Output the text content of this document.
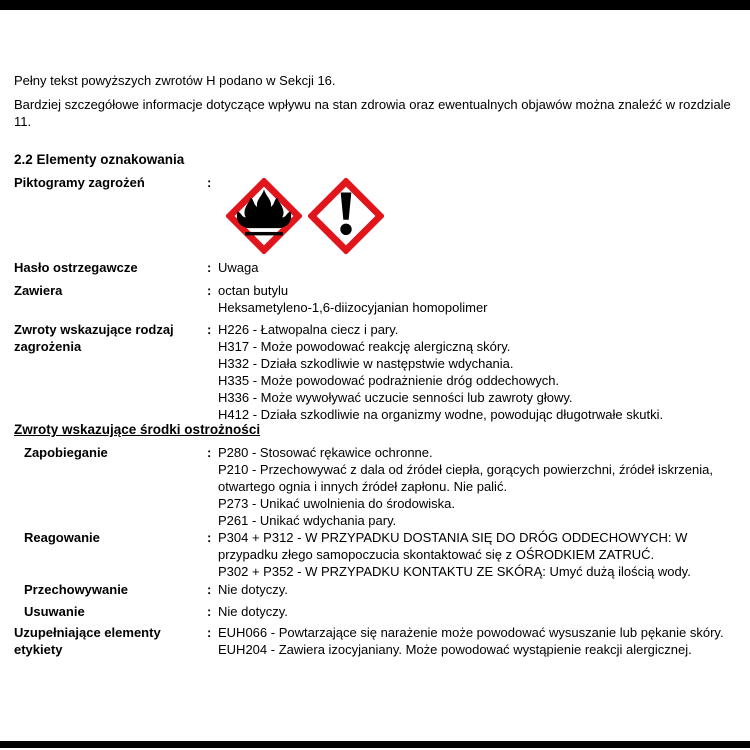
Pełny tekst powyższych zwrotów H podano w Sekcji 16.
Bardziej szczegółowe informacje dotyczące wpływu na stan zdrowia oraz ewentualnych objawów można znaleźć w rozdziale 11.
2.2 Elementy oznakowania
Piktogramy zagrożeń	:
Hasło ostrzegawcze	: Uwaga
Zawiera	: octan butylu
Heksametyleno-1,6-diizocyjanian homopolimer
Zwroty wskazujące rodzaj zagrożenia
: H226 - Łatwopalna ciecz i pary.
H317 - Może powodować reakcję alergiczną skóry.
H332 - Działa szkodliwie w następstwie wdychania.
H335 - Może powodować podrażnienie dróg oddechowych.
H336 - Może wywoływać uczucie senności lub zawroty głowy.
H412 - Działa szkodliwie na organizmy wodne, powodując długotrwałe skutki.
Zwroty wskazujące środki ostrożności
Zapobieganie	: P280 - Stosować rękawice ochronne.
P210 - Przechowywać z dala od źródeł ciepła, gorących powierzchni, źródeł iskrzenia, otwartego ognia i innych źródeł zapłonu. Nie palić.
P273 - Unikać uwolnienia do środowiska.
P261 - Unikać wdychania pary.
Reagowanie	: P304 + P312 - W PRZYPADKU DOSTANIA SIĘ DO DRÓG ODDECHOWYCH: W przypadku złego samopoczucia skontaktować się z OŚRODKIEM ZATRUĆ.
P302 + P352 - W PRZYPADKU KONTAKTU ZE SKÓRĄ: Umyć dużą ilością wody.
Przechowywanie	: Nie dotyczy.
Usuwanie	: Nie dotyczy.
Uzupełniające elementy etykiety
: EUH066 - Powtarzające się narażenie może powodować wysuszanie lub pękanie skóry.
EUH204 - Zawiera izocyjaniany. Może powodować wystąpienie reakcji alergicznej.
